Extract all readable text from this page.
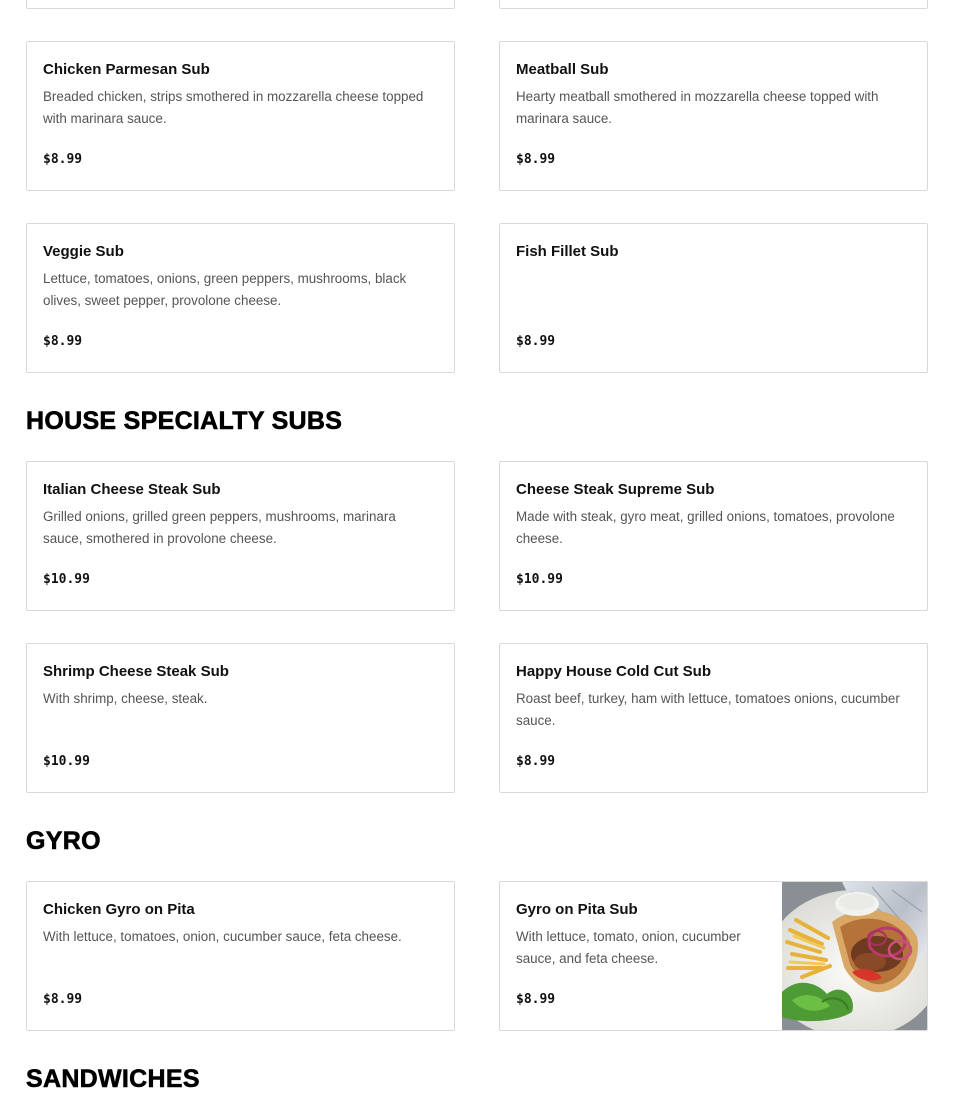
Chicken Parmesan Sub
Breaded chicken, strips smothered in mozzarella cheese topped with marinara sauce.
$8.99
Meatball Sub
Hearty meatball smothered in mozzarella cheese topped with marinara sauce.
$8.99
Veggie Sub
Lettuce, tomatoes, onions, green peppers, mushrooms, black olives, sweet pepper, provolone cheese.
$8.99
Fish Fillet Sub
$8.99
HOUSE SPECIALTY SUBS
Italian Cheese Steak Sub
Grilled onions, grilled green peppers, mushrooms, marinara sauce, smothered in provolone cheese.
$10.99
Cheese Steak Supreme Sub
Made with steak, gyro meat, grilled onions, tomatoes, provolone cheese.
$10.99
Shrimp Cheese Steak Sub
With shrimp, cheese, steak.
$10.99
Happy House Cold Cut Sub
Roast beef, turkey, ham with lettuce, tomatoes onions, cucumber sauce.
$8.99
GYRO
Chicken Gyro on Pita
With lettuce, tomatoes, onion, cucumber sauce, feta cheese.
$8.99
Gyro on Pita Sub
With lettuce, tomato, onion, cucumber sauce, and feta cheese.
$8.99
SANDWICHES
